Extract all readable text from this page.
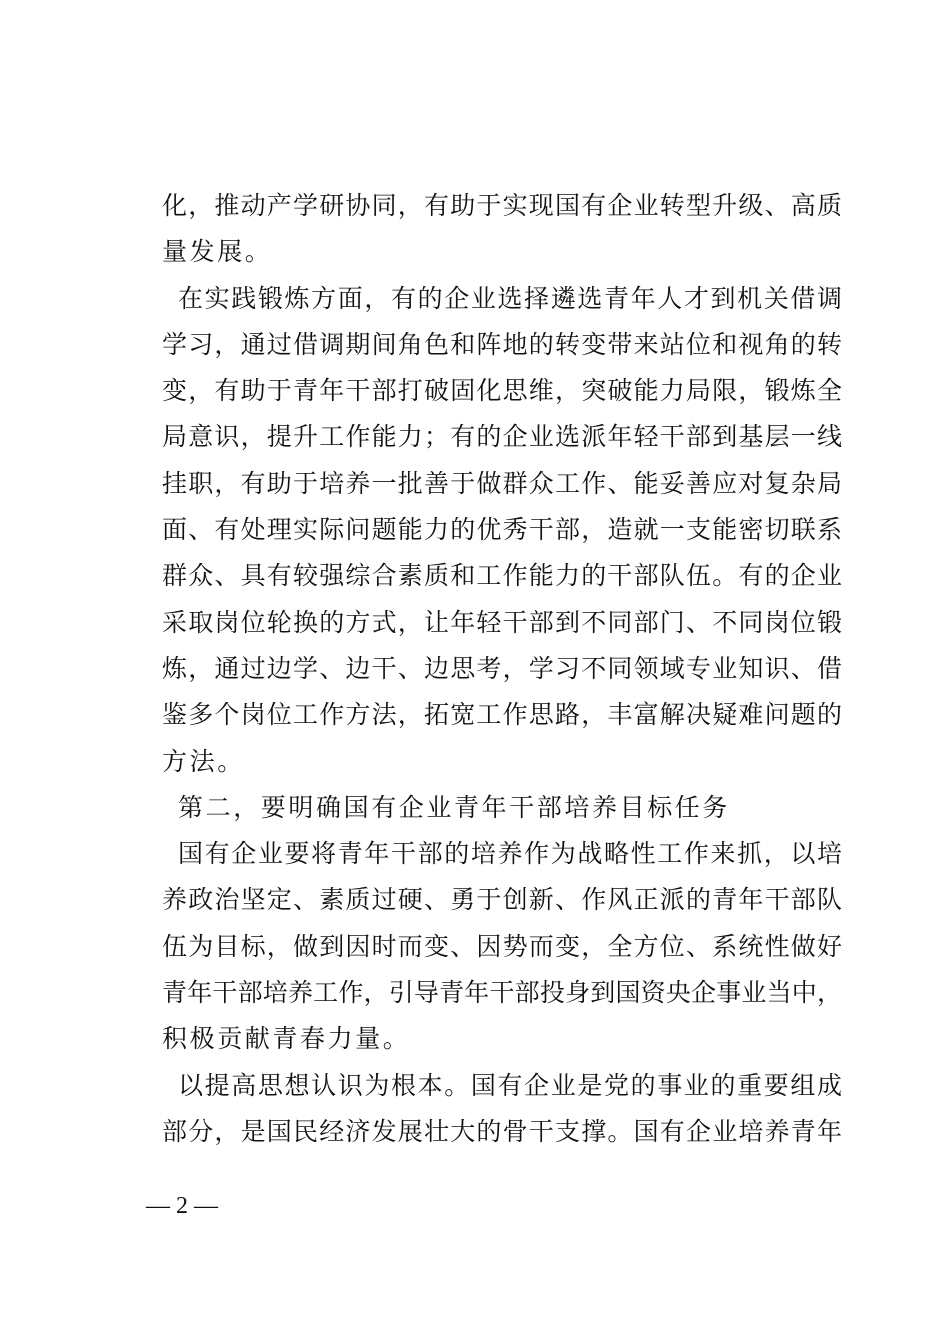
化，推动产学研协同，有助于实现国有企业转型升级、高质
量发展。
在实践锻炼方面，有的企业选择遴选青年人才到机关借调
学习，通过借调期间角色和阵地的转变带来站位和视角的转
变，有助于青年干部打破固化思维，突破能力局限，锻炼全
局意识，提升工作能力；有的企业选派年轻干部到基层一线
挂职，有助于培养一批善于做群众工作、能妥善应对复杂局
面、有处理实际问题能力的优秀干部，造就一支能密切联系
群众、具有较强综合素质和工作能力的干部队伍。有的企业
采取岗位轮换的方式，让年轻干部到不同部门、不同岗位锻
炼，通过边学、边干、边思考，学习不同领域专业知识、借
鉴多个岗位工作方法，拓宽工作思路，丰富解决疑难问题的
方法。
第二，要明确国有企业青年干部培养目标任务
国有企业要将青年干部的培养作为战略性工作来抓，以培
养政治坚定、素质过硬、勇于创新、作风正派的青年干部队
伍为目标，做到因时而变、因势而变，全方位、系统性做好
青年干部培养工作，引导青年干部投身到国资央企事业当中，
积极贡献青春力量。
以提高思想认识为根本。国有企业是党的事业的重要组成
部分，是国民经济发展壮大的骨干支撑。国有企业培养青年
— 2 —
